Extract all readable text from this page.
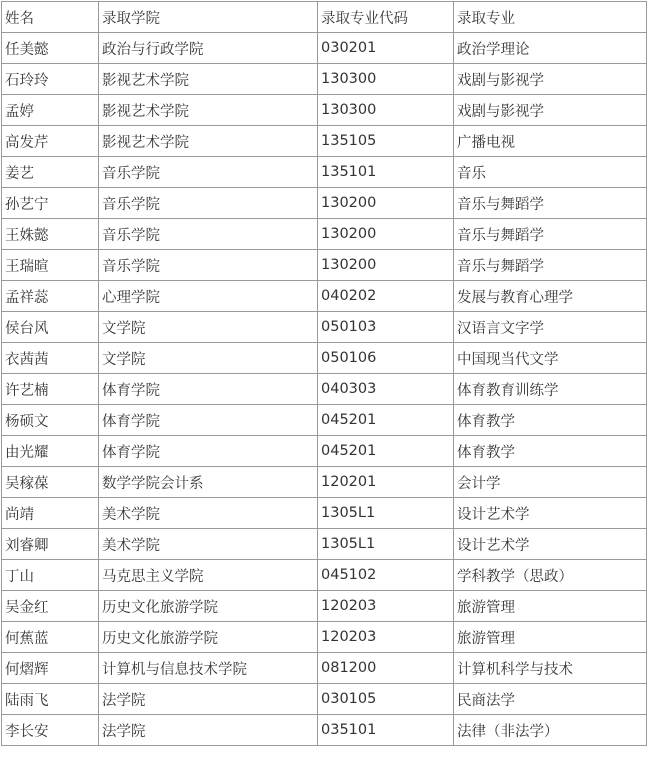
姓名	录取学院	录取专业代码	录取专业
任美懿	政治与行政学院	030201	政治学理论
石玲玲	影视艺术学院	130300	戏剧与影视学
孟婷	影视艺术学院	130300	戏剧与影视学
高发芹	影视艺术学院	135105	广播电视
姜艺	音乐学院	135101	音乐
孙艺宁	音乐学院	130200	音乐与舞蹈学
王姝懿	音乐学院	130200	音乐与舞蹈学
王瑞暄	音乐学院	130200	音乐与舞蹈学
孟祥蕊	心理学院	040202	发展与教育心理学
侯台风	文学院	050103	汉语言文字学
衣茜茜	文学院	050106	中国现当代文学
许艺楠	体育学院	040303	体育教育训练学
杨硕文	体育学院	045201	体育教学
由光耀	体育学院	045201	体育教学
吴稼葆	数学学院会计系	120201	会计学
尚靖	美术学院	1305L1	设计艺术学
刘睿卿	美术学院	1305L1	设计艺术学
丁山	马克思主义学院	045102	学科教学（思政）
吴金红	历史文化旅游学院	120203	旅游管理
何蕉蓝	历史文化旅游学院	120203	旅游管理
何熠辉	计算机与信息技术学院	081200	计算机科学与技术
陆雨飞	法学院	030105	民商法学
李长安	法学院	035101	法律（非法学）
